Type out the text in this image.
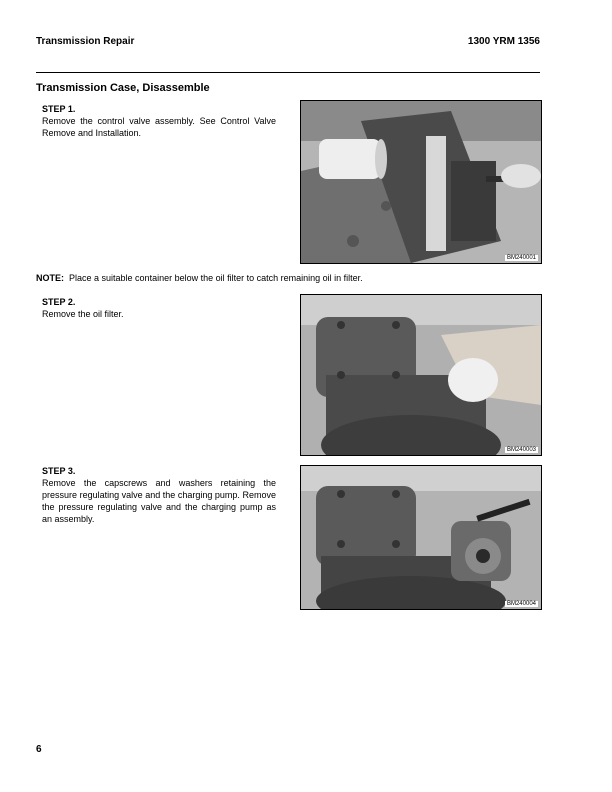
Transmission Repair	1300 YRM 1356
Transmission Case, Disassemble
STEP 1.
Remove the control valve assembly. See Control Valve Remove and Installation.
BM240001
NOTE: Place a suitable container below the oil filter to catch remaining oil in filter.
STEP 2.
Remove the oil filter.
BM240003
STEP 3.
Remove the capscrews and washers retaining the pressure regulating valve and the charging pump. Remove the pressure regulating valve and the charging pump as an assembly.
BM240004
6
